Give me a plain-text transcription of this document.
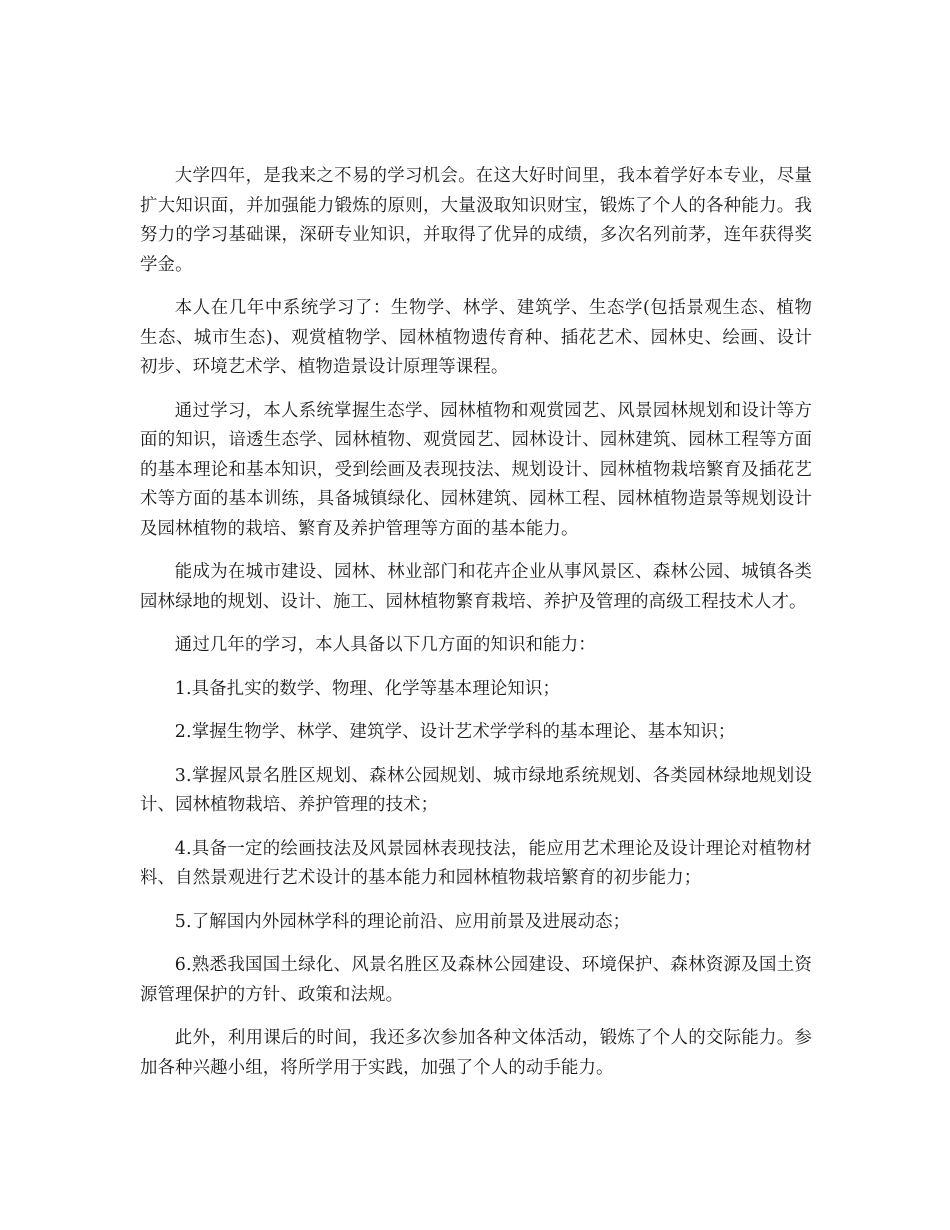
大学四年，是我来之不易的学习机会。在这大好时间里，我本着学好本专业，尽量扩大知识面，并加强能力锻炼的原则，大量汲取知识财宝，锻炼了个人的各种能力。我努力的学习基础课，深研专业知识，并取得了优异的成绩，多次名列前茅，连年获得奖学金。

本人在几年中系统学习了：生物学、林学、建筑学、生态学(包括景观生态、植物生态、城市生态)、观赏植物学、园林植物遗传育种、插花艺术、园林史、绘画、设计初步、环境艺术学、植物造景设计原理等课程。

通过学习，本人系统掌握生态学、园林植物和观赏园艺、风景园林规划和设计等方面的知识，谙透生态学、园林植物、观赏园艺、园林设计、园林建筑、园林工程等方面的基本理论和基本知识，受到绘画及表现技法、规划设计、园林植物栽培繁育及插花艺术等方面的基本训练，具备城镇绿化、园林建筑、园林工程、园林植物造景等规划设计及园林植物的栽培、繁育及养护管理等方面的基本能力。

能成为在城市建设、园林、林业部门和花卉企业从事风景区、森林公园、城镇各类园林绿地的规划、设计、施工、园林植物繁育栽培、养护及管理的高级工程技术人才。

通过几年的学习，本人具备以下几方面的知识和能力：

1.具备扎实的数学、物理、化学等基本理论知识；

2.掌握生物学、林学、建筑学、设计艺术学学科的基本理论、基本知识；

3.掌握风景名胜区规划、森林公园规划、城市绿地系统规划、各类园林绿地规划设计、园林植物栽培、养护管理的技术；

4.具备一定的绘画技法及风景园林表现技法，能应用艺术理论及设计理论对植物材料、自然景观进行艺术设计的基本能力和园林植物栽培繁育的初步能力；

5.了解国内外园林学科的理论前沿、应用前景及进展动态；

6.熟悉我国国土绿化、风景名胜区及森林公园建设、环境保护、森林资源及国土资源管理保护的方针、政策和法规。

此外，利用课后的时间，我还多次参加各种文体活动，锻炼了个人的交际能力。参加各种兴趣小组，将所学用于实践，加强了个人的动手能力。
